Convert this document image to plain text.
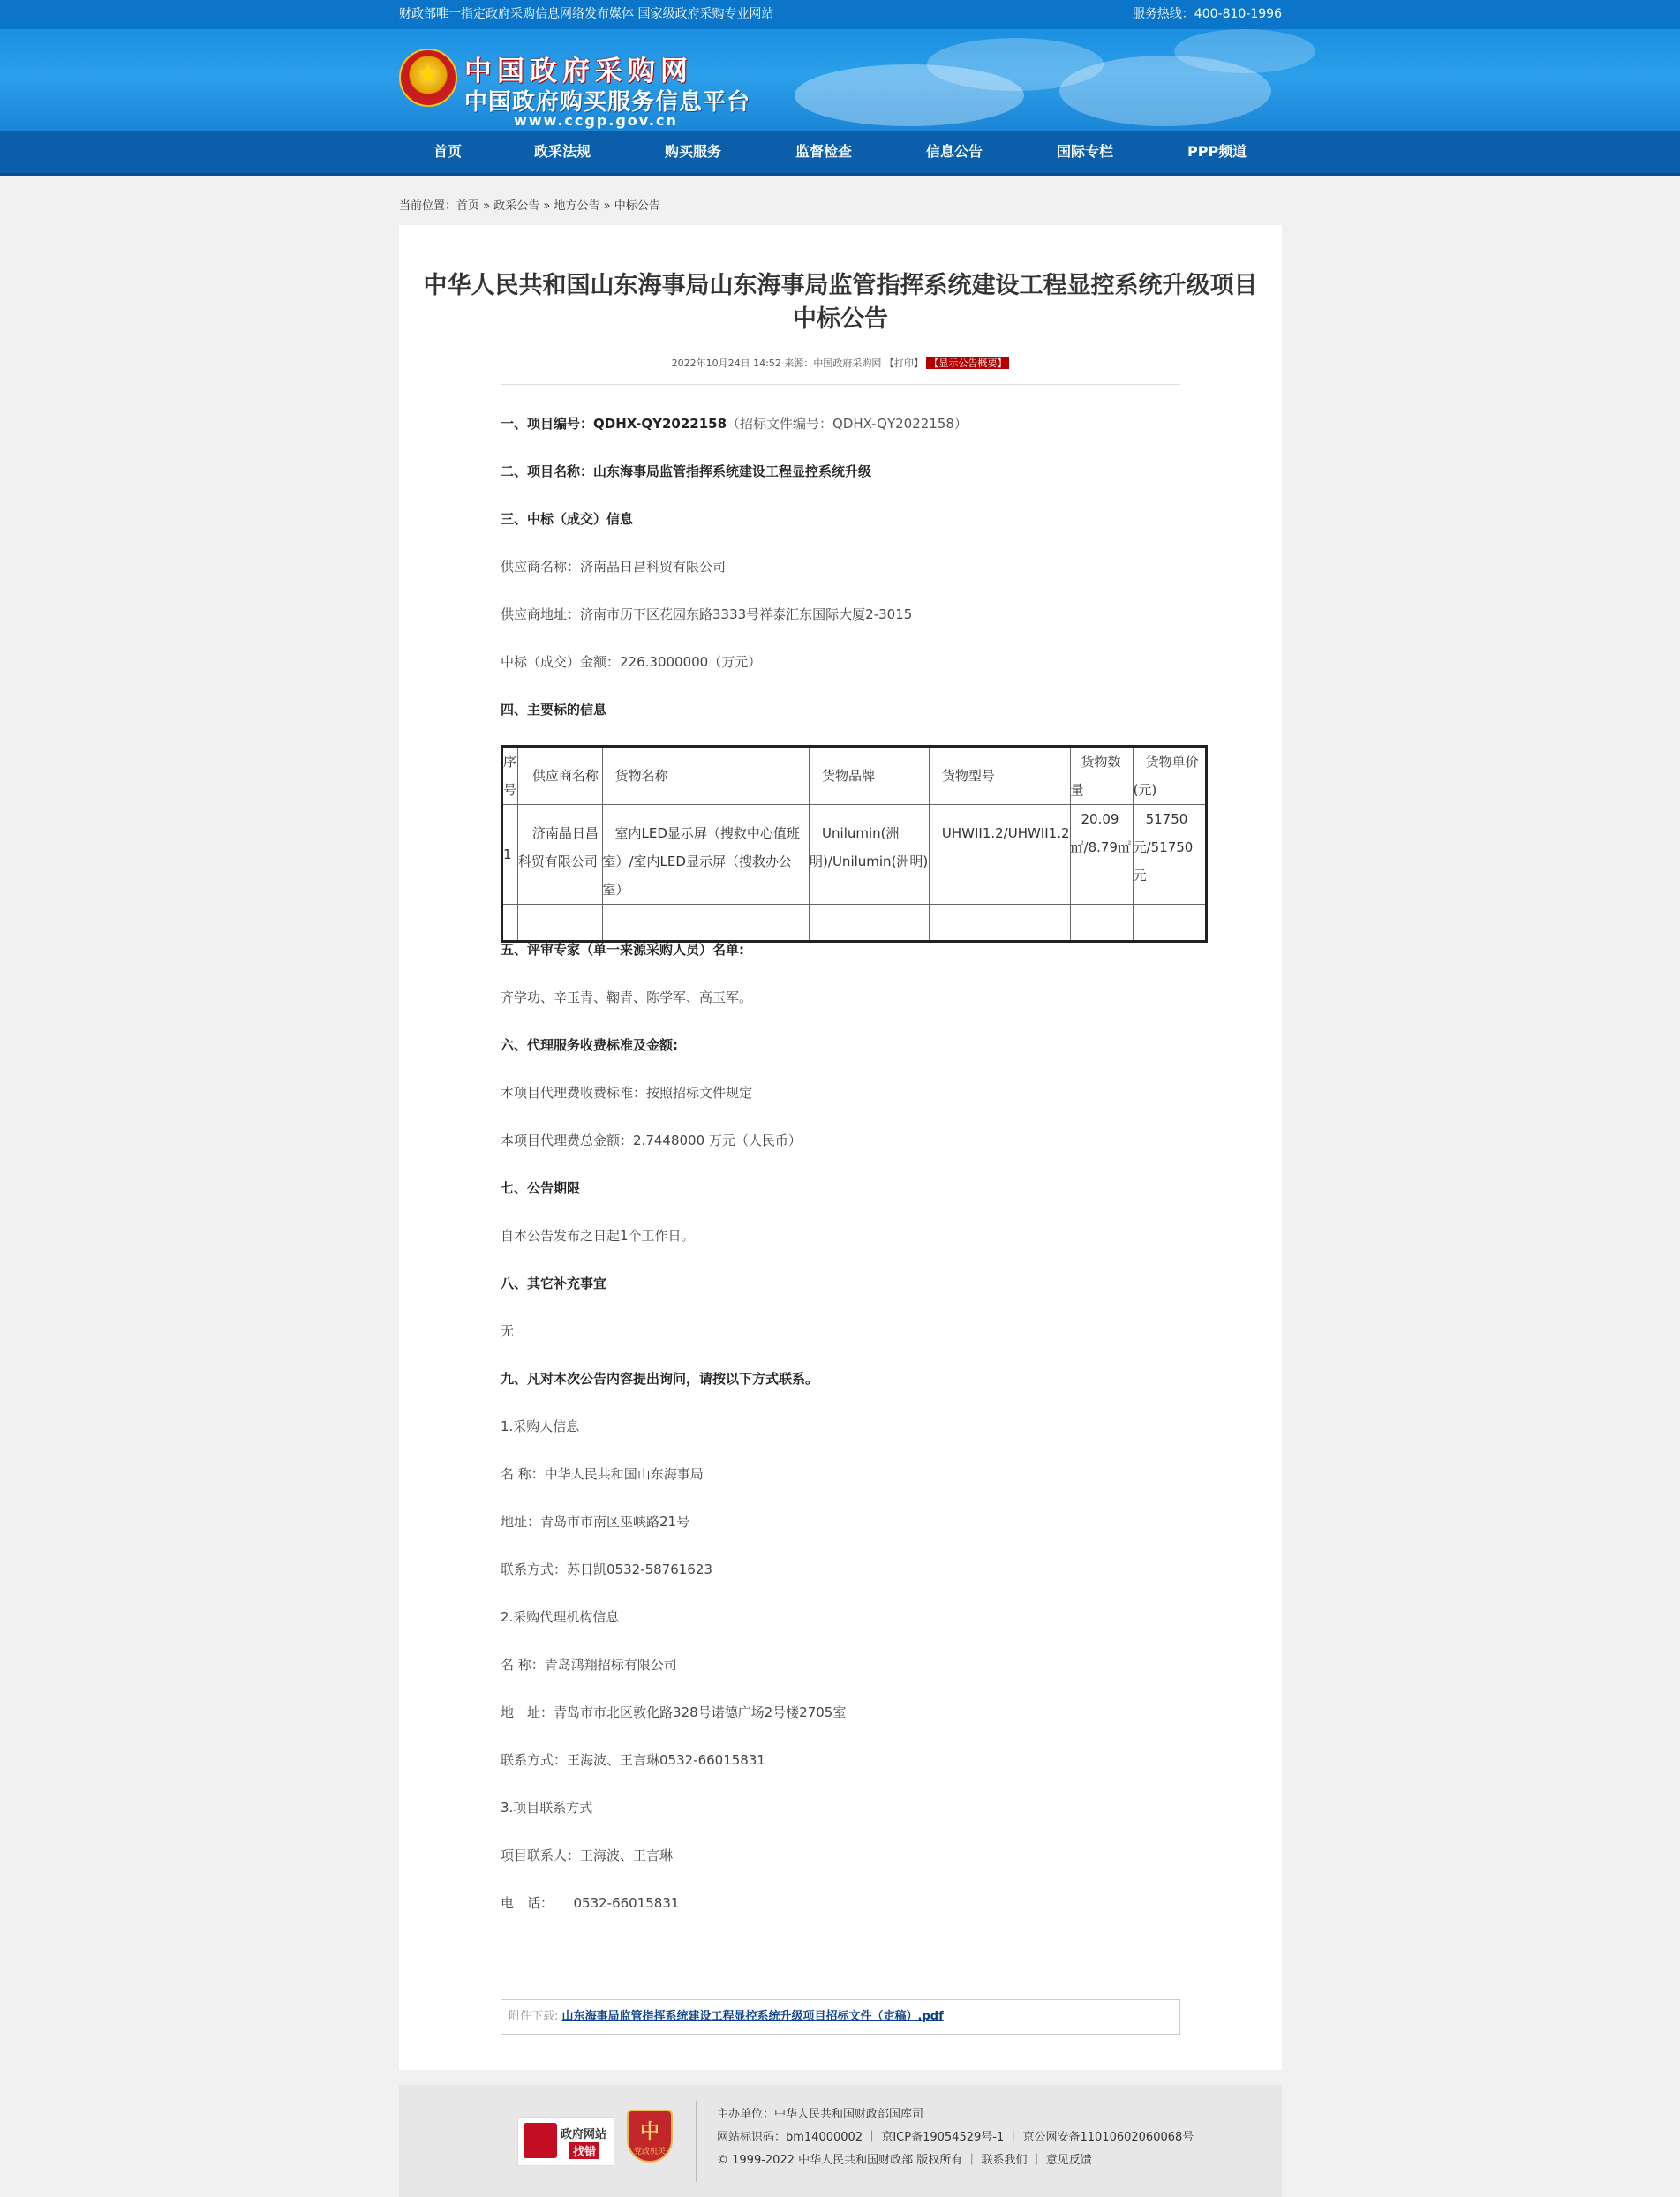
财政部唯一指定政府采购信息网络发布媒体 国家级政府采购专业网站	服务热线：400-810-1996
★ 中国政府采购网
中国政府购买服务信息平台
www.ccgp.gov.cn
首页	政采法规	购买服务	监督检查	信息公告	国际专栏	PPP频道
当前位置：首页 » 政采公告 » 地方公告 » 中标公告
中华人民共和国山东海事局山东海事局监管指挥系统建设工程显控系统升级项目中标公告
2022年10月24日 14:52 来源：中国政府采购网 【打印】 【显示公告概要】
一、项目编号：QDHX-QY2022158（招标文件编号：QDHX-QY2022158）
二、项目名称：山东海事局监管指挥系统建设工程显控系统升级
三、中标（成交）信息
供应商名称：济南晶日昌科贸有限公司
供应商地址：济南市历下区花园东路3333号祥泰汇东国际大厦2-3015
中标（成交）金额：226.3000000（万元）
四、主要标的信息
序号	供应商名称	货物名称	货物品牌	货物型号	货物数量	货物单价(元)
1	济南晶日昌科贸有限公司	室内LED显示屏（搜救中心值班室）/室内LED显示屏（搜救办公室）	Unilumin(洲明)/Unilumin(洲明)	UHWII1.2/UHWII1.2	20.09㎡/8.79㎡	51750元/51750元

五、评审专家（单一来源采购人员）名单:
齐学功、辛玉青、鞠青、陈学军、高玉军。
六、代理服务收费标准及金额:
本项目代理费收费标准：按照招标文件规定
本项目代理费总金额：2.7448000 万元（人民币）
七、公告期限
自本公告发布之日起1个工作日。
八、其它补充事宜
无
九、凡对本次公告内容提出询问，请按以下方式联系。
1.采购人信息
名 称：中华人民共和国山东海事局
地址：青岛市市南区巫峡路21号
联系方式：苏日凯0532-58761623
2.采购代理机构信息
名 称：青岛鸿翔招标有限公司
地　址：青岛市市北区敦化路328号诺德广场2号楼2705室
联系方式：王海波、王言琳0532-66015831
3.项目联系方式
项目联系人：王海波、王言琳
电　话：　　0532-66015831
附件下载: 山东海事局监管指挥系统建设工程显控系统升级项目招标文件（定稿）.pdf
政府网站
找错
中
党政机关
主办单位：中华人民共和国财政部国库司
网站标识码：bm14000002 ｜ 京ICP备19054529号-1 ｜ 京公网安备11010602060068号
© 1999-2022 中华人民共和国财政部 版权所有 ｜ 联系我们 ｜ 意见反馈
